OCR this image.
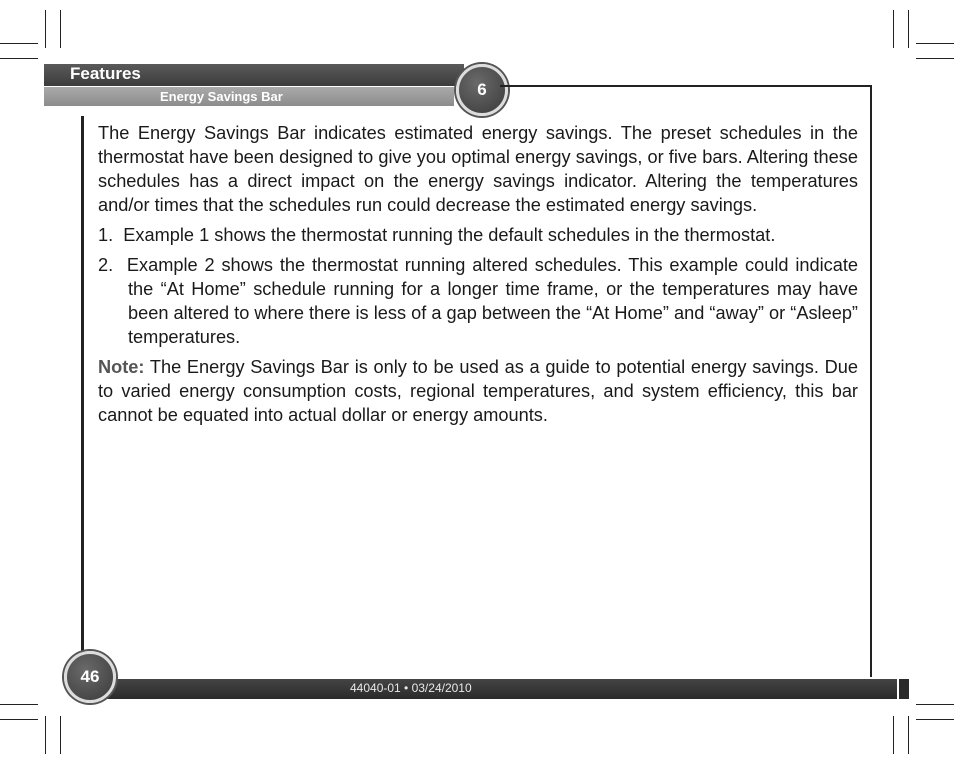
Features
Energy Savings Bar	6

The Energy Savings Bar indicates estimated energy savings. The preset schedules in the thermostat have been designed to give you optimal energy savings, or five bars. Altering these schedules has a direct impact on the energy savings indicator. Altering the temperatures and/or times that the schedules run could decrease the estimated energy savings.

1. Example 1 shows the thermostat running the default schedules in the thermostat.

2. Example 2 shows the thermostat running altered schedules. This example could indicate the “At Home” schedule running for a longer time frame, or the temperatures may have been altered to where there is less of a gap between the “At Home” and “away” or “Asleep” temperatures.

Note: The Energy Savings Bar is only to be used as a guide to potential energy savings. Due to varied energy consumption costs, regional temperatures, and system efficiency, this bar cannot be equated into actual dollar or energy amounts.

44040-01 • 03/24/2010
46
